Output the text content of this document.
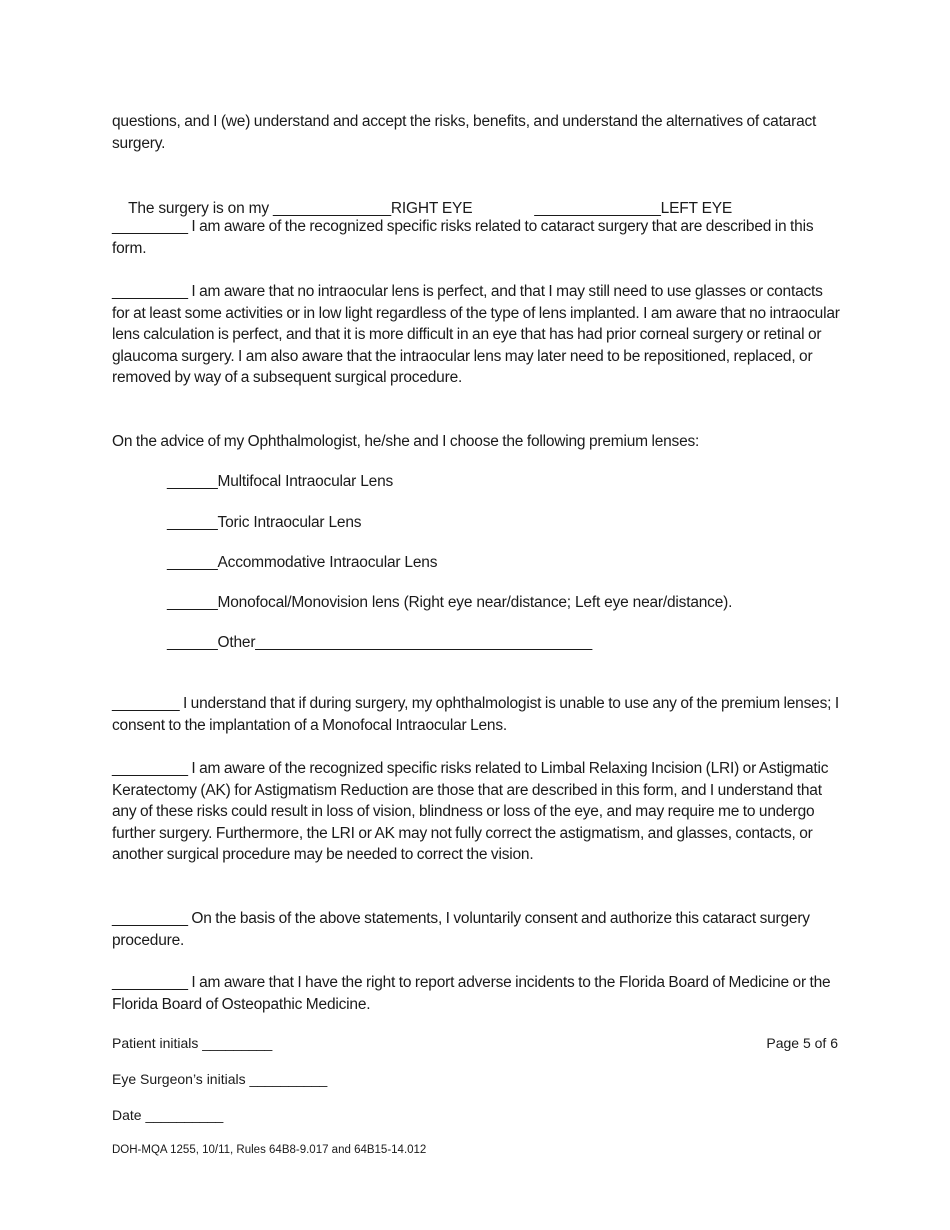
questions, and I (we) understand and accept the risks, benefits, and understand the alternatives of cataract surgery.

The surgery is on my ______________RIGHT EYE	_______________LEFT EYE

_________ I am aware of the recognized specific risks related to cataract surgery that are described in this form.

_________ I am aware that no intraocular lens is perfect, and that I may still need to use glasses or contacts for at least some activities or in low light regardless of the type of lens implanted. I am aware that no intraocular lens calculation is perfect, and that it is more difficult in an eye that has had prior corneal surgery or retinal or glaucoma surgery. I am also aware that the intraocular lens may later need to be repositioned, replaced, or removed by way of a subsequent surgical procedure.

On the advice of my Ophthalmologist, he/she and I choose the following premium lenses:

______Multifocal Intraocular Lens
______Toric Intraocular Lens
______Accommodative Intraocular Lens
______Monofocal/Monovision lens (Right eye near/distance; Left eye near/distance).
______Other________________________________________

________ I understand that if during surgery, my ophthalmologist is unable to use any of the premium lenses; I consent to the implantation of a Monofocal Intraocular Lens.

_________ I am aware of the recognized specific risks related to Limbal Relaxing Incision (LRI) or Astigmatic Keratectomy (AK) for Astigmatism Reduction are those that are described in this form, and I understand that any of these risks could result in loss of vision, blindness or loss of the eye, and may require me to undergo further surgery. Furthermore, the LRI or AK may not fully correct the astigmatism, and glasses, contacts, or another surgical procedure may be needed to correct the vision.

_________ On the basis of the above statements, I voluntarily consent and authorize this cataract surgery procedure.

_________ I am aware that I have the right to report adverse incidents to the Florida Board of Medicine or the Florida Board of Osteopathic Medicine.

Patient initials _________	Page 5 of 6
Eye Surgeon’s initials __________
Date __________
DOH-MQA 1255, 10/11, Rules 64B8-9.017 and 64B15-14.012
